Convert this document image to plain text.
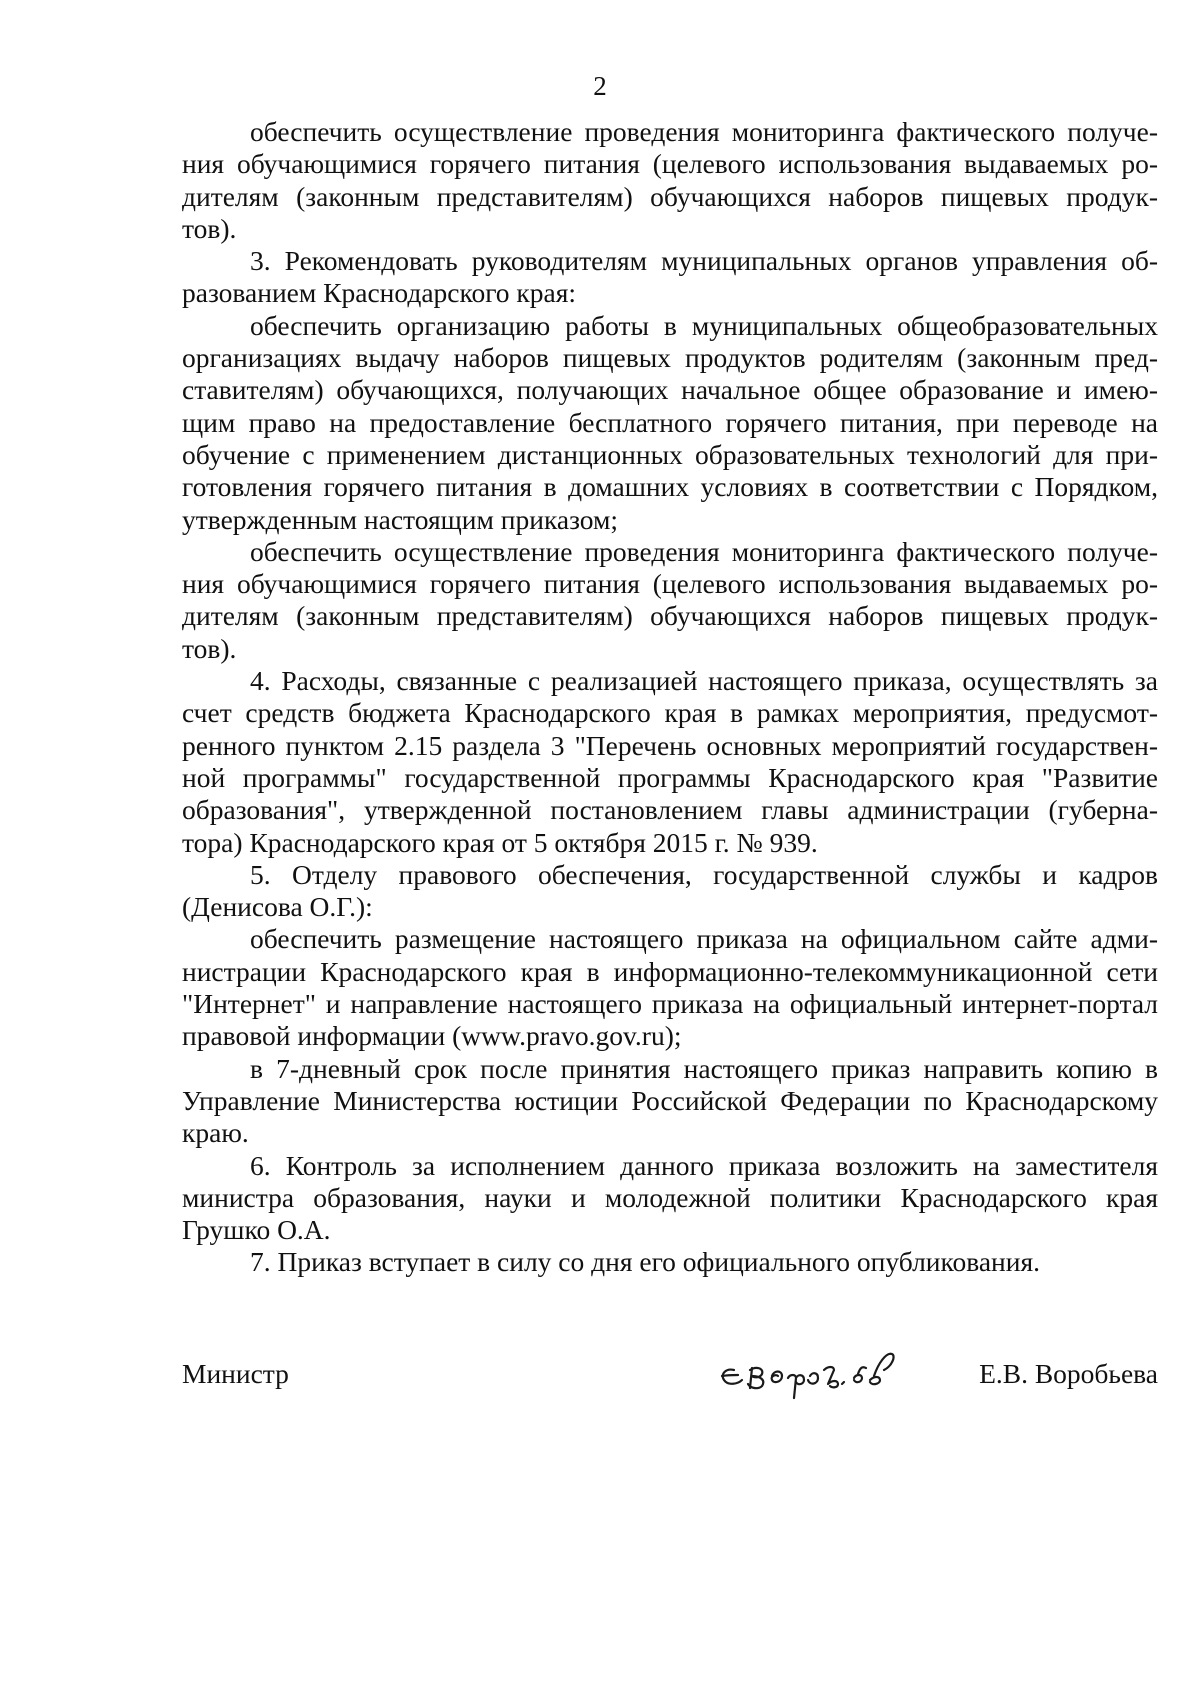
2
обеспечить осуществление проведения мониторинга фактического получе-
ния обучающимися горячего питания (целевого использования выдаваемых ро-
дителям (законным представителям) обучающихся наборов пищевых продук-
тов).
3. Рекомендовать руководителям муниципальных органов управления об-
разованием Краснодарского края:
обеспечить организацию работы в муниципальных общеобразовательных
организациях выдачу наборов пищевых продуктов родителям (законным пред-
ставителям) обучающихся, получающих начальное общее образование и имею-
щим право на предоставление бесплатного горячего питания, при переводе на
обучение с применением дистанционных образовательных технологий для при-
готовления горячего питания в домашних условиях в соответствии с Порядком,
утвержденным настоящим приказом;
обеспечить осуществление проведения мониторинга фактического получе-
ния обучающимися горячего питания (целевого использования выдаваемых ро-
дителям (законным представителям) обучающихся наборов пищевых продук-
тов).
4. Расходы, связанные с реализацией настоящего приказа, осуществлять за
счет средств бюджета Краснодарского края в рамках мероприятия, предусмот-
ренного пунктом 2.15 раздела 3 "Перечень основных мероприятий государствен-
ной программы" государственной программы Краснодарского края "Развитие
образования", утвержденной постановлением главы администрации (губерна-
тора) Краснодарского края от 5 октября 2015 г. № 939.
5. Отделу правового обеспечения, государственной службы и кадров
(Денисова О.Г.):
обеспечить размещение настоящего приказа на официальном сайте адми-
нистрации Краснодарского края в информационно-телекоммуникационной сети
"Интернет" и направление настоящего приказа на официальный интернет-портал
правовой информации (www.pravo.gov.ru);
в 7-дневный срок после принятия настоящего приказ направить копию в
Управление Министерства юстиции Российской Федерации по Краснодарскому
краю.
6. Контроль за исполнением данного приказа возложить на заместителя
министра образования, науки и молодежной политики Краснодарского края
Грушко О.А.
7. Приказ вступает в силу со дня его официального опубликования.
Министр	Е.В. Воробьева
